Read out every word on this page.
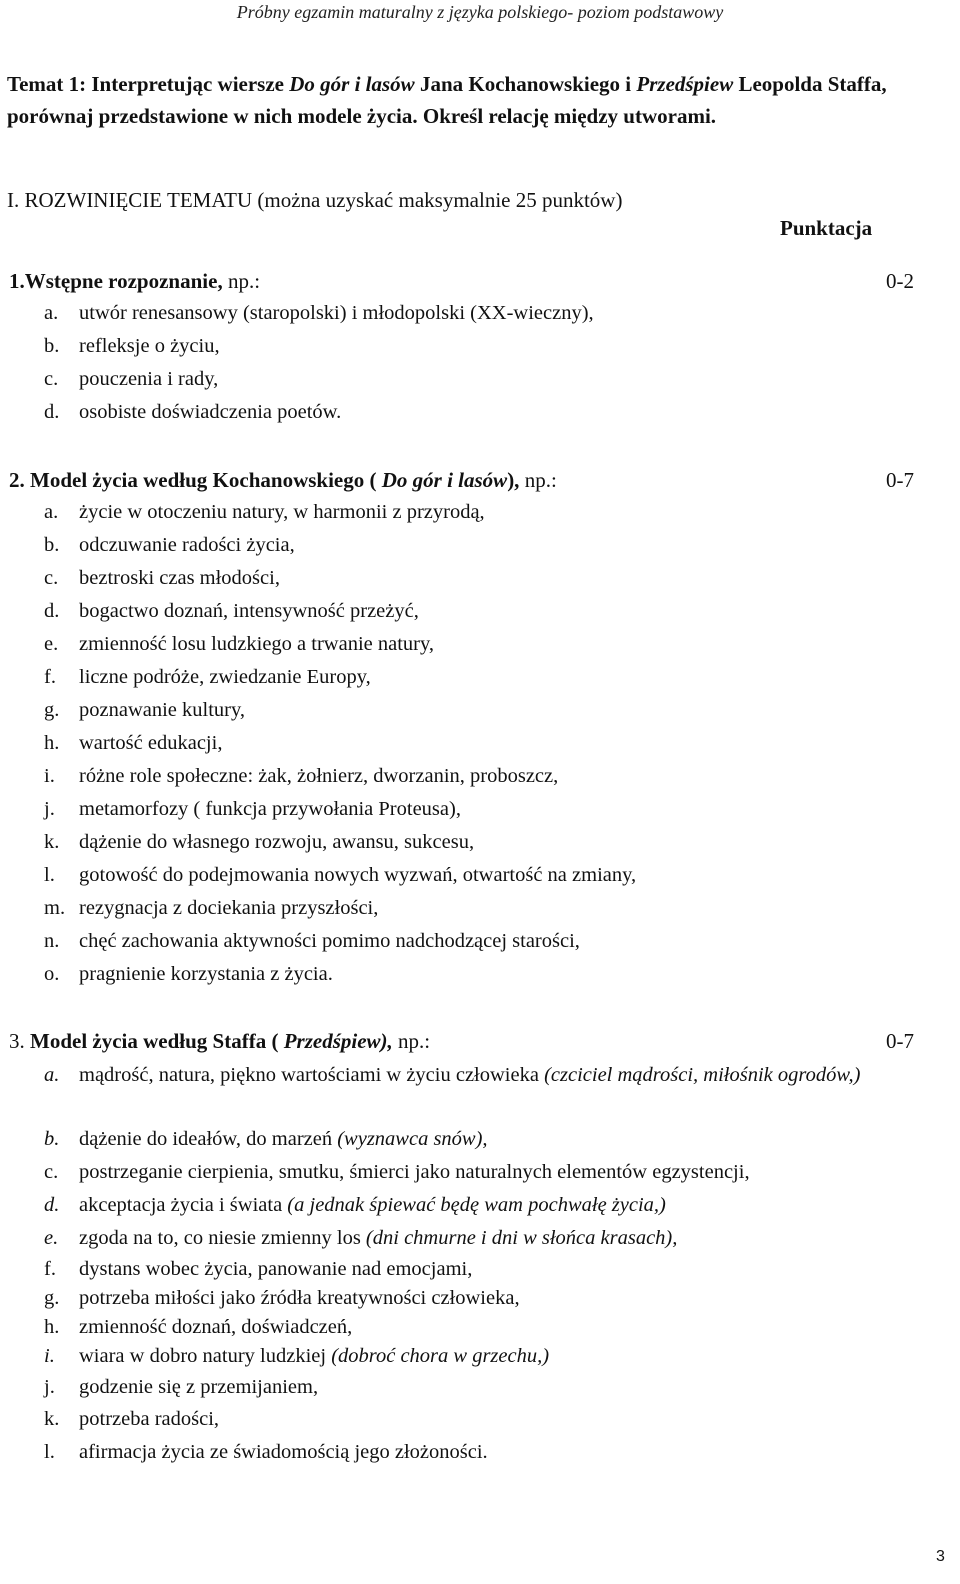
Próbny egzamin maturalny z języka polskiego- poziom podstawowy
Temat 1: Interpretując wiersze Do gór i lasów Jana Kochanowskiego i Przedśpiew Leopolda Staffa, porównaj przedstawione w nich modele życia. Określ relację między utworami.
I. ROZWINIĘCIE TEMATU (można uzyskać maksymalnie 25 punktów)
Punktacja
1.Wstępne rozpoznanie, np.:	0-2
a. utwór renesansowy (staropolski) i młodopolski (XX-wieczny),
b. refleksje o życiu,
c. pouczenia i rady,
d. osobiste doświadczenia poetów.
2. Model życia według Kochanowskiego ( Do gór i lasów), np.:	0-7
a. życie w otoczeniu natury, w harmonii z przyrodą,
b. odczuwanie radości życia,
c. beztroski czas młodości,
d. bogactwo doznań, intensywność przeżyć,
e. zmienność losu ludzkiego a trwanie natury,
f. liczne podróże, zwiedzanie Europy,
g. poznawanie kultury,
h. wartość edukacji,
i. różne role społeczne: żak, żołnierz, dworzanin, proboszcz,
j. metamorfozy ( funkcja przywołania Proteusa),
k. dążenie do własnego rozwoju, awansu, sukcesu,
l. gotowość do podejmowania nowych wyzwań, otwartość na zmiany,
m. rezygnacja z dociekania przyszłości,
n. chęć zachowania aktywności pomimo nadchodzącej starości,
o. pragnienie korzystania z życia.
3. Model życia według Staffa ( Przedśpiew), np.:	0-7
a. mądrość, natura, piękno wartościami w życiu człowieka (czciciel mądrości, miłośnik ogrodów,)
b. dążenie do ideałów, do marzeń (wyznawca snów),
c. postrzeganie cierpienia, smutku, śmierci jako naturalnych elementów egzystencji,
d. akceptacja życia i świata (a jednak śpiewać będę wam pochwałę życia,)
e. zgoda na to, co niesie zmienny los (dni chmurne i dni w słońca krasach),
f. dystans wobec życia, panowanie nad emocjami,
g. potrzeba miłości jako źródła kreatywności człowieka,
h. zmienność doznań, doświadczeń,
i. wiara w dobro natury ludzkiej (dobroć chora w grzechu,)
j. godzenie się z przemijaniem,
k. potrzeba radości,
l. afirmacja życia ze świadomością jego złożoności.
3
